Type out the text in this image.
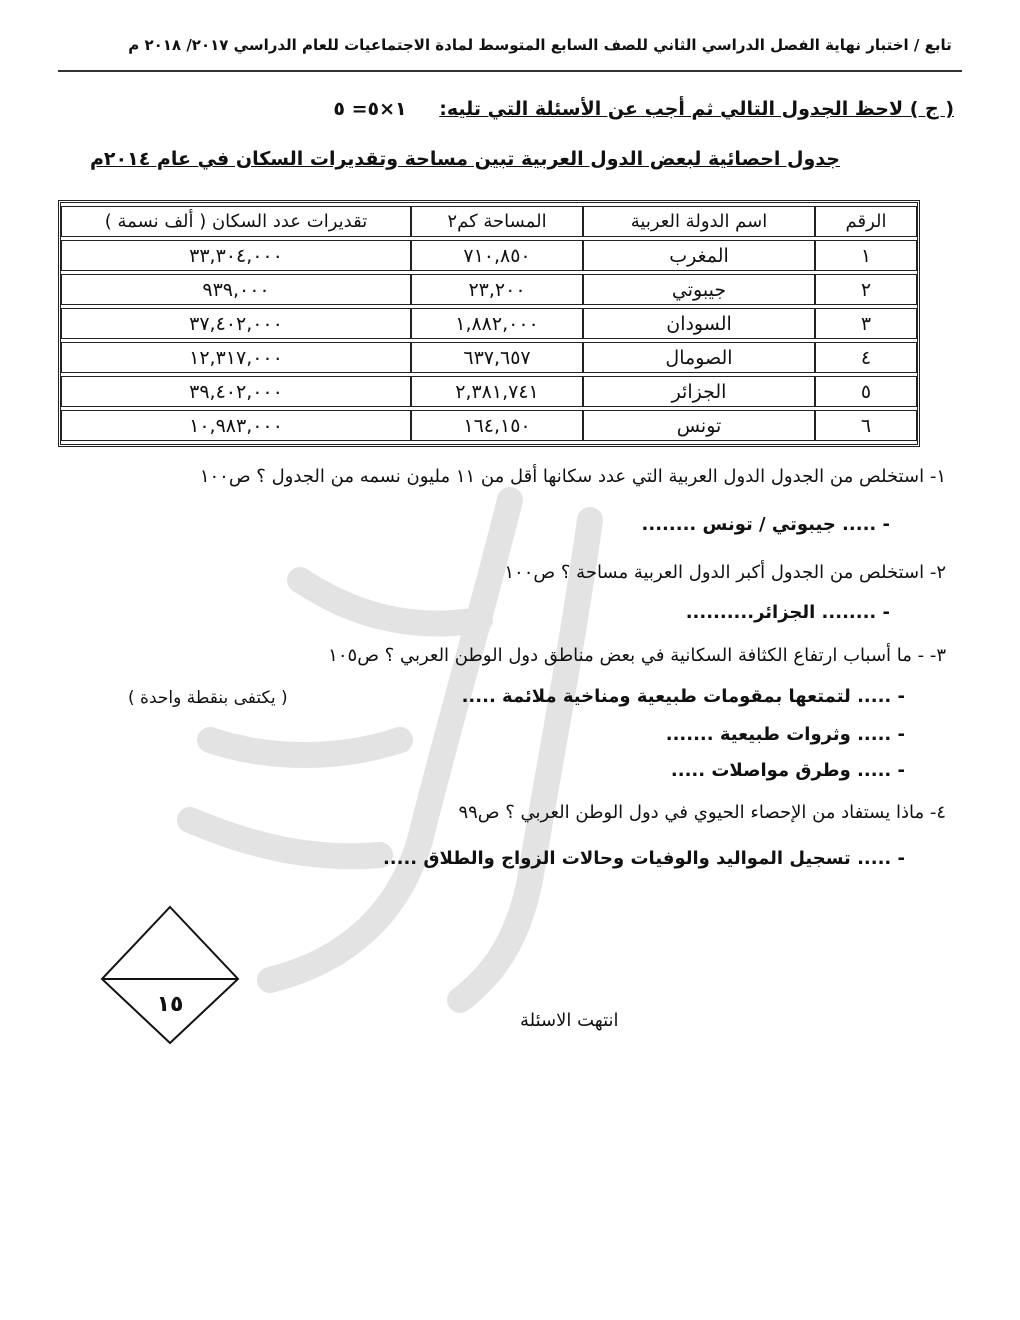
تابع / اختبار نهاية الفصل الدراسي الثاني للصف السابع المتوسط لمادة الاجتماعيات للعام الدراسي ٢٠١٧/ ٢٠١٨ م
( ج ) لاحظ الجدول التالي ثم أجب عن الأسئلة التي تليه: ١×٥= ٥
جدول احصائية لبعض الدول العربية تبين مساحة وتقديرات السكان في عام ٢٠١٤م
الرقم	اسم الدولة العربية	المساحة كم٢	تقديرات عدد السكان ( ألف نسمة )
١	المغرب	٧١٠,٨٥٠	٣٣,٣٠٤,٠٠٠
٢	جيبوتي	٢٣,٢٠٠	٩٣٩,٠٠٠
٣	السودان	١,٨٨٢,٠٠٠	٣٧,٤٠٢,٠٠٠
٤	الصومال	٦٣٧,٦٥٧	١٢,٣١٧,٠٠٠
٥	الجزائر	٢,٣٨١,٧٤١	٣٩,٤٠٢,٠٠٠
٦	تونس	١٦٤,١٥٠	١٠,٩٨٣,٠٠٠
١- استخلص من الجدول الدول العربية التي عدد سكانها أقل من ١١ مليون نسمه من الجدول ؟ ص١٠٠
- ..... جيبوتي / تونس ........
٢- استخلص من الجدول أكبر الدول العربية مساحة ؟ ص١٠٠
- ........ الجزائر..........
٣- - ما أسباب ارتفاع الكثافة السكانية في بعض مناطق دول الوطن العربي ؟ ص١٠٥
- ..... لتمتعها بمقومات طبيعية ومناخية ملائمة .....
( يكتفى بنقطة واحدة )
- ..... وثروات طبيعية .......
- ..... وطرق مواصلات .....
٤- ماذا يستفاد من الإحصاء الحيوي في دول الوطن العربي ؟ ص٩٩
- ..... تسجيل المواليد والوفيات وحالات الزواج والطلاق .....
١٥
انتهت الاسئلة
